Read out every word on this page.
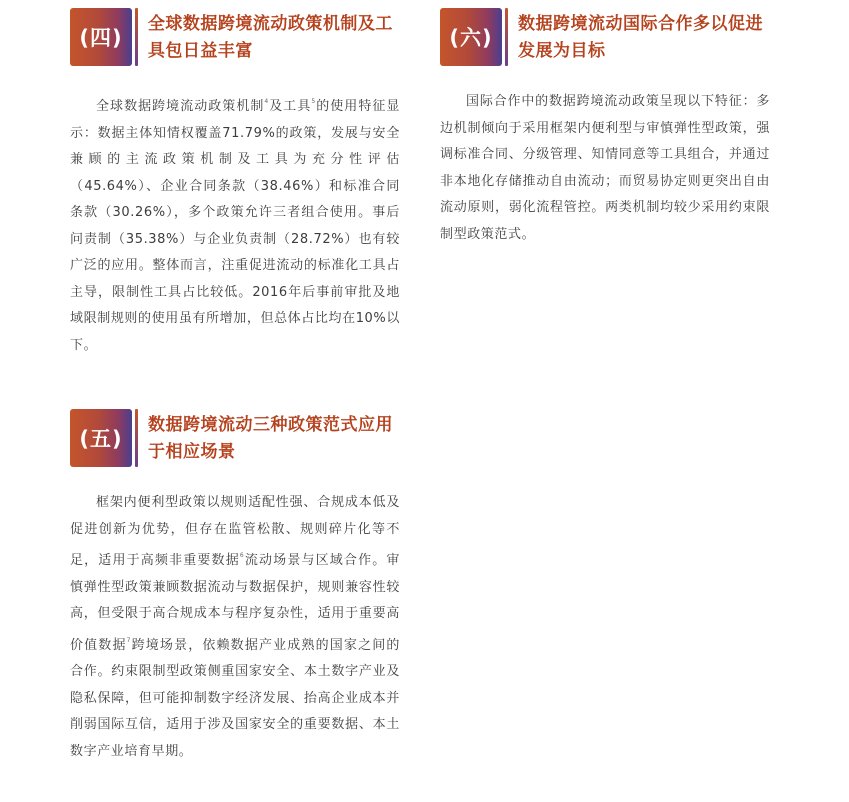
(四)
全球数据跨境流动政策机制及工具包日益丰富

全球数据跨境流动政策机制$^4$及工具$^5$的使用特征显示：数据主体知情权覆盖71.79%的政策，发展与安全兼顾的主流政策机制及工具为充分性评估（45.64%）、企业合同条款（38.46%）和标准合同条款（30.26%），多个政策允许三者组合使用。事后问责制（35.38%）与企业负责制（28.72%）也有较广泛的应用。整体而言，注重促进流动的标准化工具占主导，限制性工具占比较低。2016年后事前审批及地域限制规则的使用虽有所增加，但总体占比均在10%以下。

(五)
数据跨境流动三种政策范式应用于相应场景

框架内便利型政策以规则适配性强、合规成本低及促进创新为优势，但存在监管松散、规则碎片化等不足，适用于高频非重要数据$^6$流动场景与区域合作。审慎弹性型政策兼顾数据流动与数据保护，规则兼容性较高，但受限于高合规成本与程序复杂性，适用于重要高价值数据$^7$跨境场景，依赖数据产业成熟的国家之间的合作。约束限制型政策侧重国家安全、本土数字产业及隐私保障，但可能抑制数字经济发展、抬高企业成本并削弱国际互信，适用于涉及国家安全的重要数据、本土数字产业培育早期。

(六)
数据跨境流动国际合作多以促进发展为目标

国际合作中的数据跨境流动政策呈现以下特征：多边机制倾向于采用框架内便利型与审慎弹性型政策，强调标准合同、分级管理、知情同意等工具组合，并通过非本地化存储推动自由流动；而贸易协定则更突出自由流动原则，弱化流程管控。两类机制均较少采用约束限制型政策范式。
